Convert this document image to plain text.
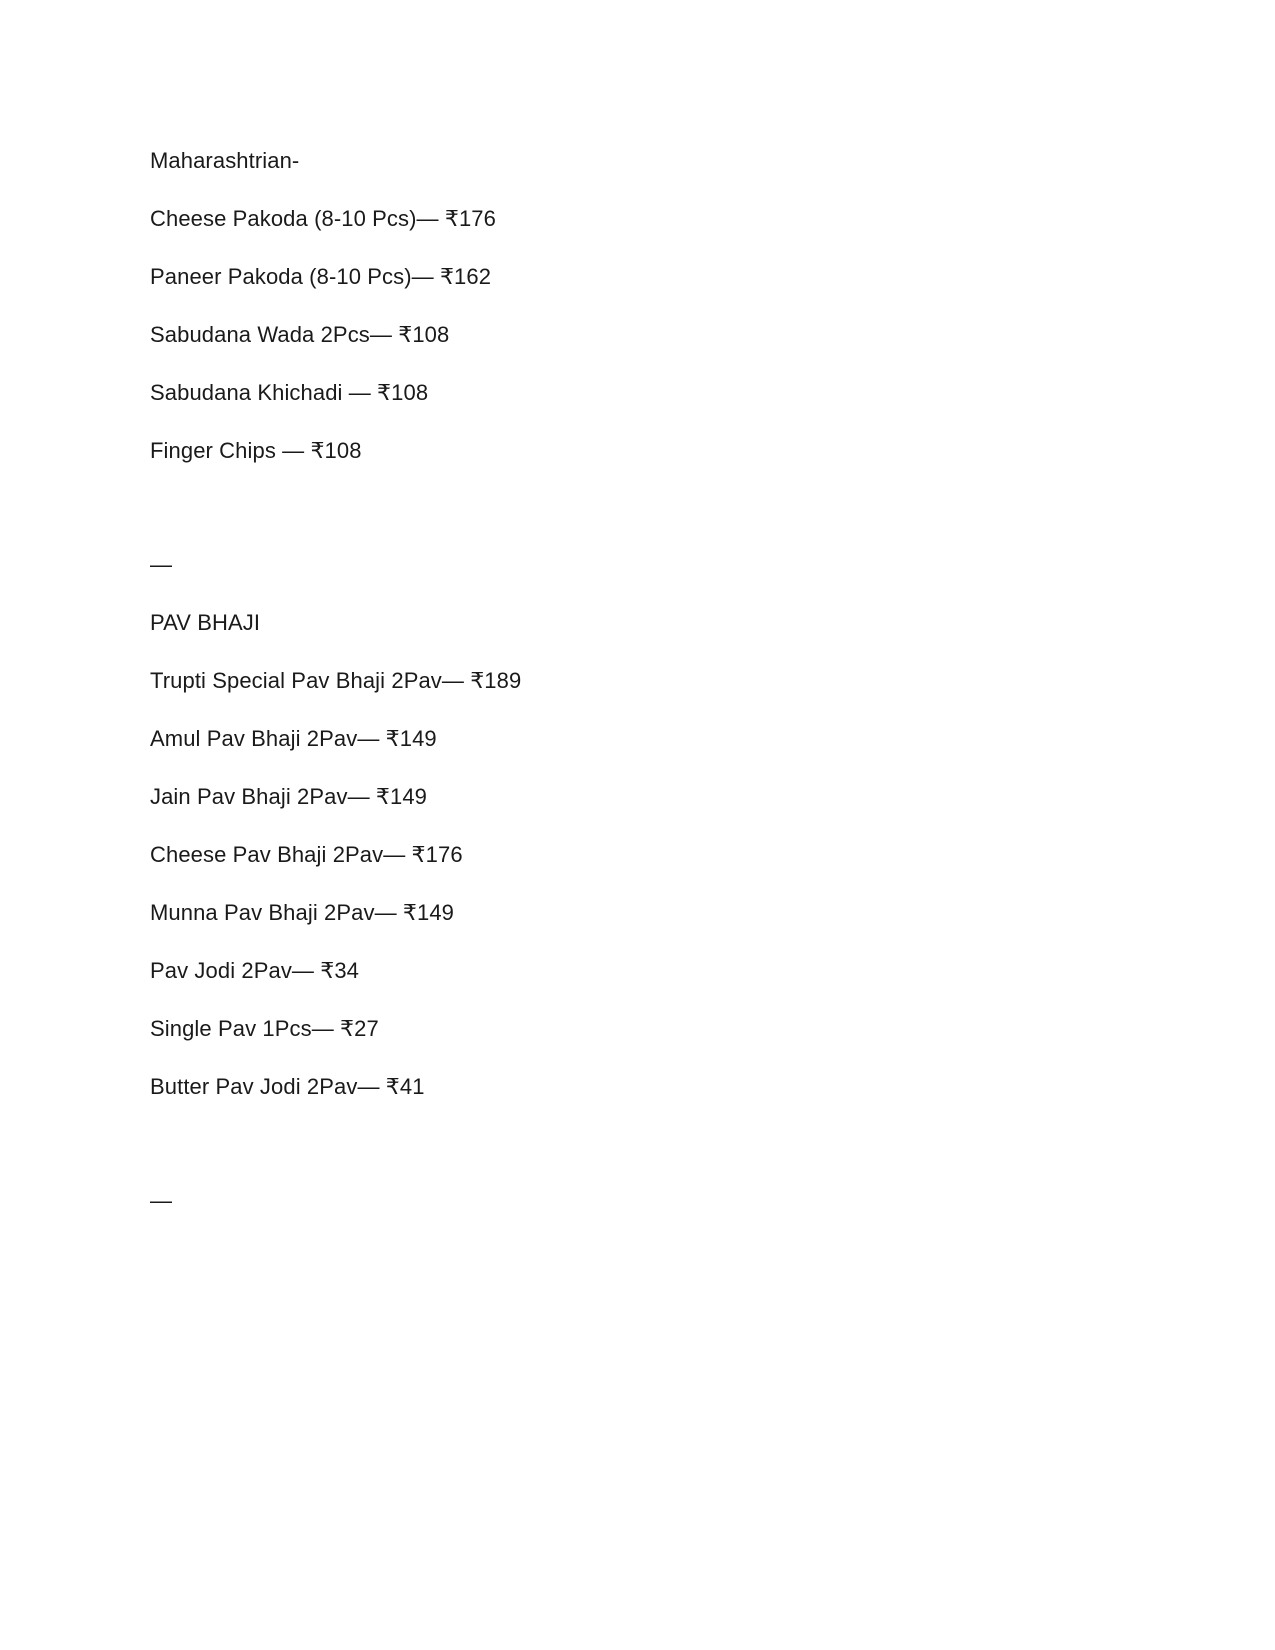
Maharashtrian-
Cheese Pakoda (8-10 Pcs)— ₹176
Paneer Pakoda (8-10 Pcs)— ₹162
Sabudana Wada 2Pcs— ₹108
Sabudana Khichadi — ₹108
Finger Chips — ₹108
—
PAV BHAJI
Trupti Special Pav Bhaji 2Pav— ₹189
Amul Pav Bhaji 2Pav— ₹149
Jain Pav Bhaji 2Pav— ₹149
Cheese Pav Bhaji 2Pav— ₹176
Munna Pav Bhaji 2Pav— ₹149
Pav Jodi 2Pav— ₹34
Single Pav 1Pcs— ₹27
Butter Pav Jodi 2Pav— ₹41
—
